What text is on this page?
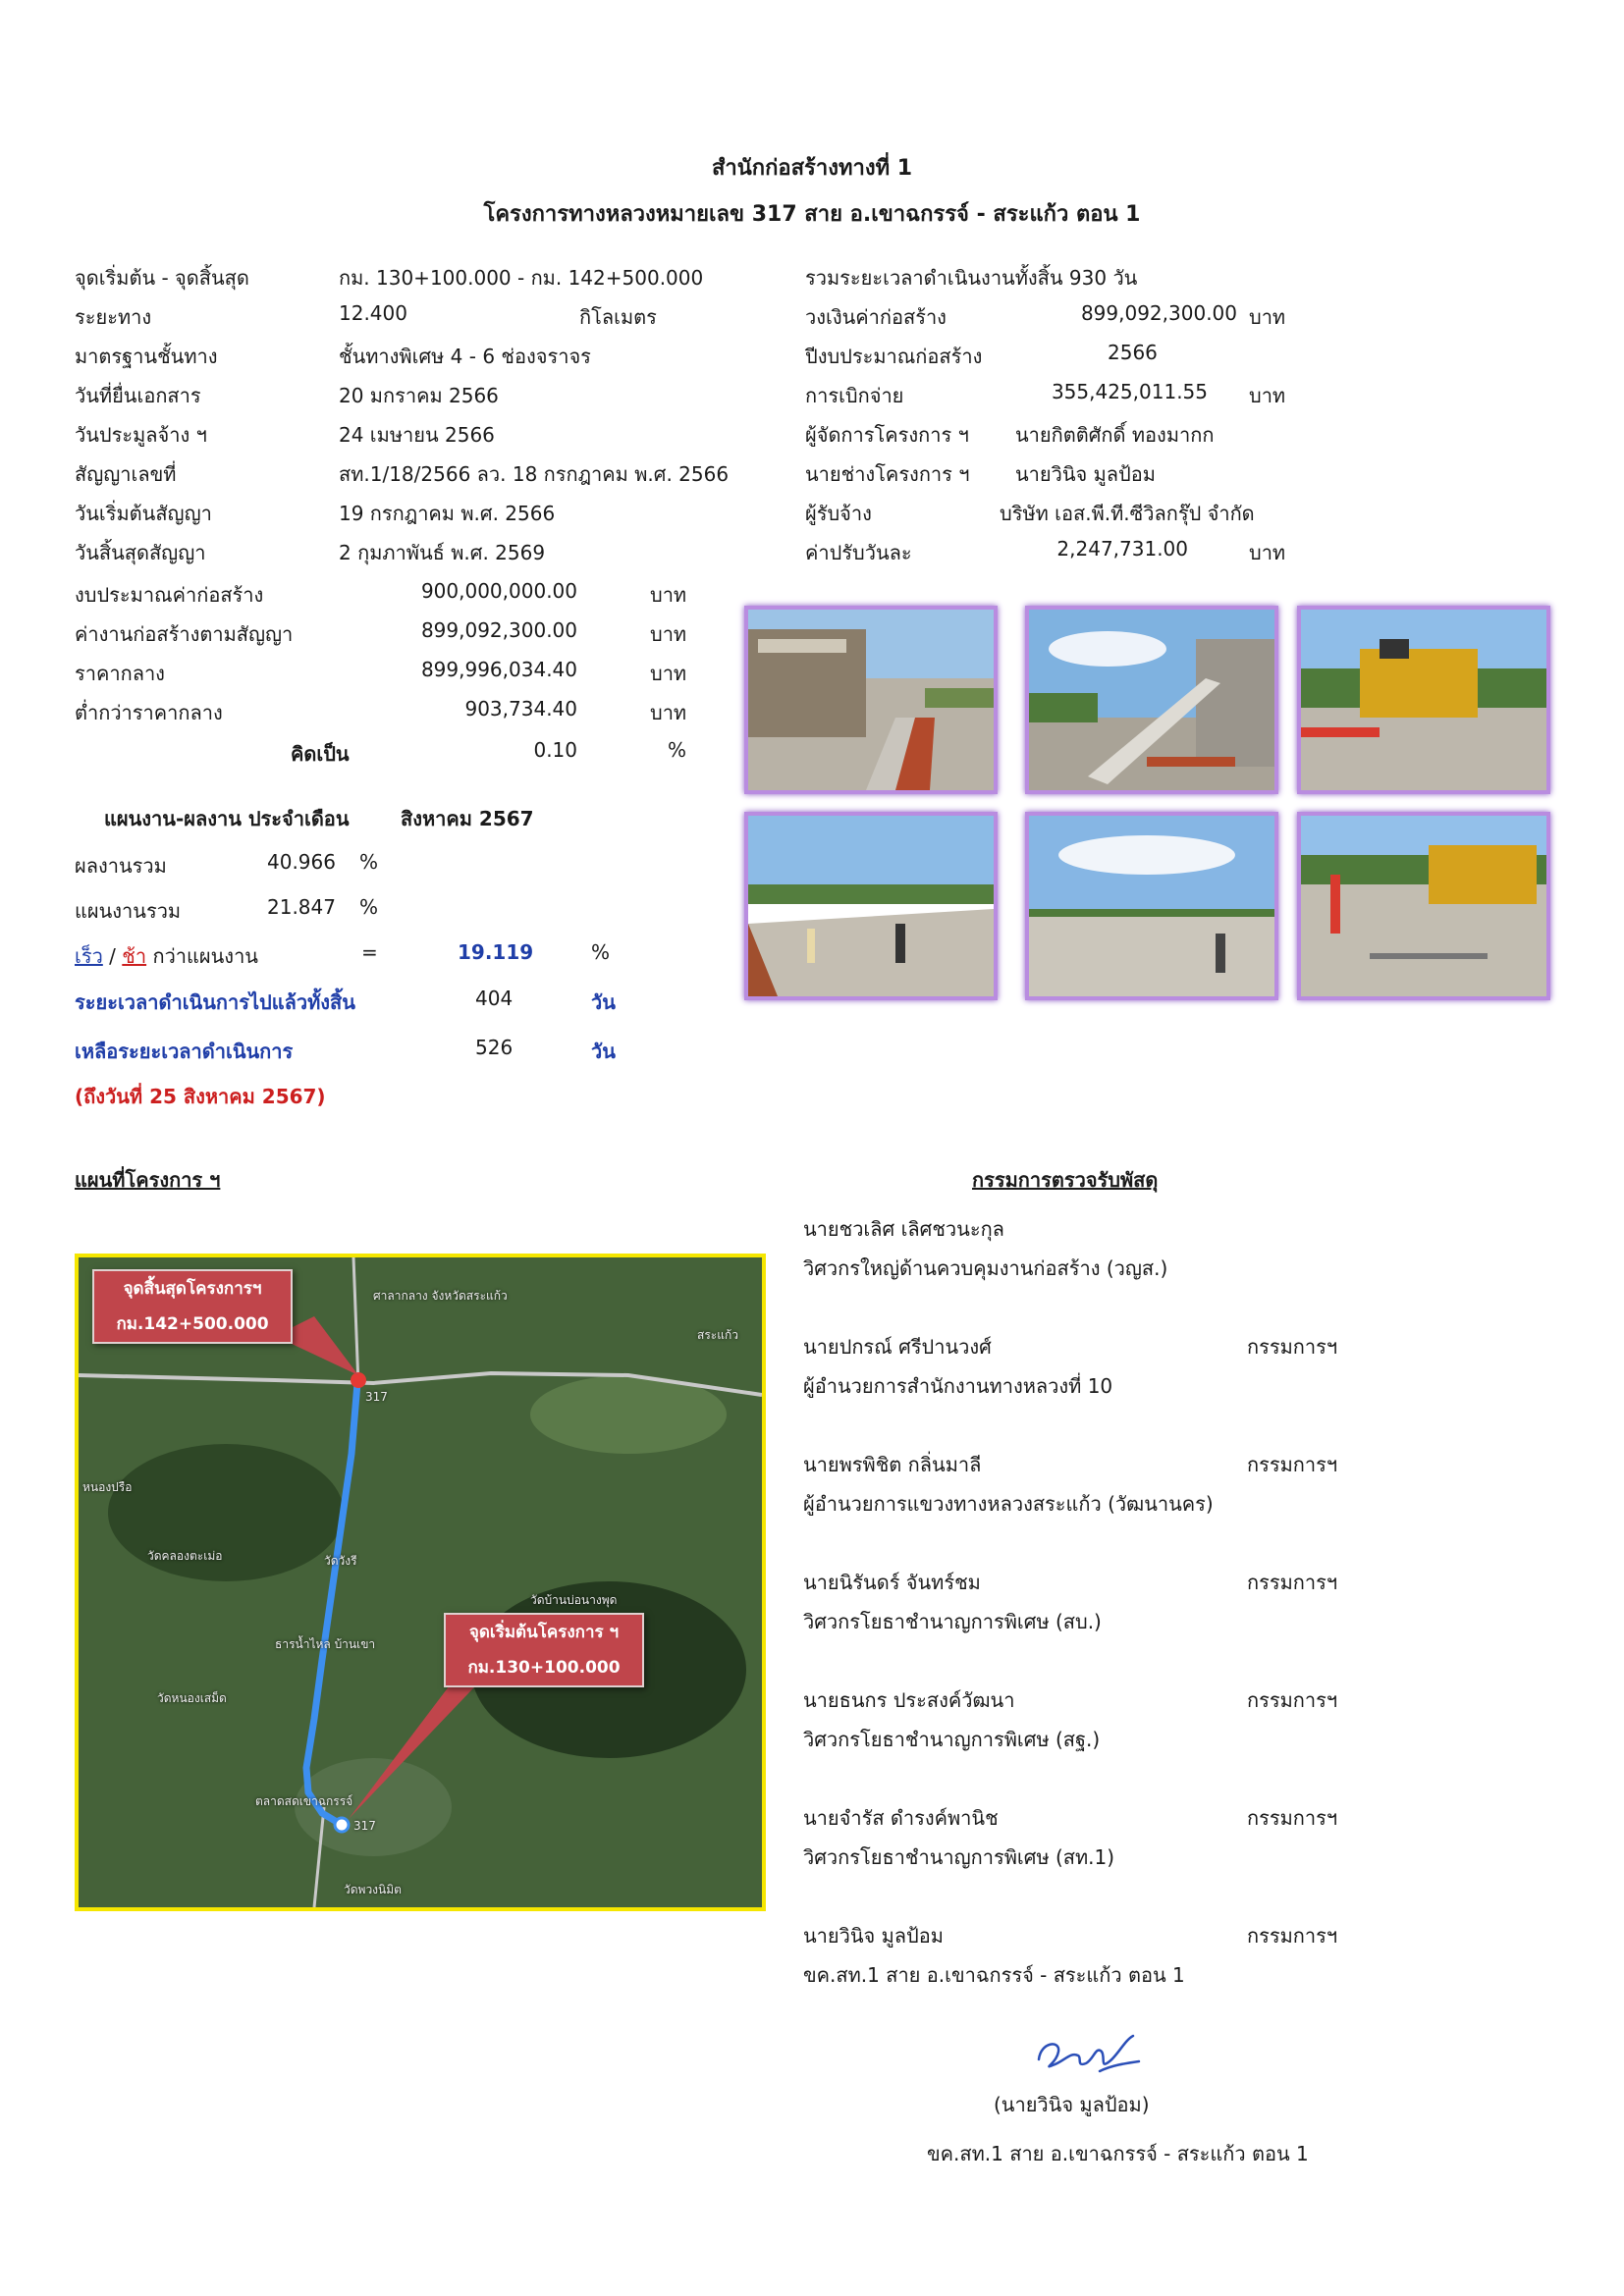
สำนักก่อสร้างทางที่ 1
โครงการทางหลวงหมายเลข 317 สาย อ.เขาฉกรรจ์ - สระแก้ว ตอน 1
จุดเริ่มต้น - จุดสิ้นสุด	กม. 130+100.000 - กม. 142+500.000
ระยะทาง	12.400	กิโลเมตร
มาตรฐานชั้นทาง	ชั้นทางพิเศษ 4 - 6 ช่องจราจร
วันที่ยื่นเอกสาร	20 มกราคม 2566
วันประมูลจ้าง ฯ	24 เมษายน 2566
สัญญาเลขที่	สท.1/18/2566 ลว. 18 กรกฎาคม พ.ศ. 2566
วันเริ่มต้นสัญญา	19 กรกฎาคม พ.ศ. 2566
วันสิ้นสุดสัญญา	2 กุมภาพันธ์ พ.ศ. 2569
งบประมาณค่าก่อสร้าง	900,000,000.00	บาท
ค่างานก่อสร้างตามสัญญา	899,092,300.00	บาท
ราคากลาง	899,996,034.40	บาท
ต่ำกว่าราคากลาง	903,734.40	บาท
คิดเป็น	0.10	%
รวมระยะเวลาดำเนินงานทั้งสิ้น 930 วัน
วงเงินค่าก่อสร้าง	899,092,300.00 บาท
ปีงบประมาณก่อสร้าง	2566
การเบิกจ่าย	355,425,011.55 บาท
ผู้จัดการโครงการ ฯ นายกิตติศักดิ์ ทองมากก
นายช่างโครงการ ฯ นายวินิจ มูลป้อม
ผู้รับจ้าง	บริษัท เอส.พี.ที.ซีวิลกรุ๊ป จำกัด
ค่าปรับวันละ	2,247,731.00	บาท
แผนงาน-ผลงาน ประจำเดือน	สิงหาคม 2567
ผลงานรวม	40.966 %
แผนงานรวม	21.847 %
เร็ว / ช้า กว่าแผนงาน	=	19.119	%
ระยะเวลาดำเนินการไปแล้วทั้งสิ้น	404	วัน
เหลือระยะเวลาดำเนินการ	526	วัน
(ถึงวันที่ 25 สิงหาคม 2567)
แผนที่โครงการ ฯ
จุดสิ้นสุดโครงการฯ
กม.142+500.000
จุดเริ่มต้นโครงการ ฯ
กม.130+100.000
ศาลากลาง จังหวัดสระแก้ว
สระแก้ว
หนองปรือ
วัดคลองตะเม่อ
ธารน้ำไหล บ้านเขา
วัดหนองเสม็ด
วัดวังรี
วัดบ้านบ่อนางพุด
ตลาดสดเขาฉกรรจ์
วัดพวงนิมิต
317
317
กรรมการตรวจรับพัสดุ
นายชวเลิศ เลิศชวนะกุล
วิศวกรใหญ่ด้านควบคุมงานก่อสร้าง (วญส.)
นายปกรณ์ ศรีปานวงศ์	กรรมการฯ
ผู้อำนวยการสำนักงานทางหลวงที่ 10
นายพรพิชิต กลิ่นมาลี	กรรมการฯ
ผู้อำนวยการแขวงทางหลวงสระแก้ว (วัฒนานคร)
นายนิรันดร์ จันทร์ชม	กรรมการฯ
วิศวกรโยธาชำนาญการพิเศษ (สบ.)
นายธนกร ประสงค์วัฒนา	กรรมการฯ
วิศวกรโยธาชำนาญการพิเศษ (สฐ.)
นายจำรัส ดำรงค์พานิช	กรรมการฯ
วิศวกรโยธาชำนาญการพิเศษ (สท.1)
นายวินิจ มูลป้อม	กรรมการฯ
ขค.สท.1 สาย อ.เขาฉกรรจ์ - สระแก้ว ตอน 1
(นายวินิจ มูลป้อม)
ขค.สท.1 สาย อ.เขาฉกรรจ์ - สระแก้ว ตอน 1
